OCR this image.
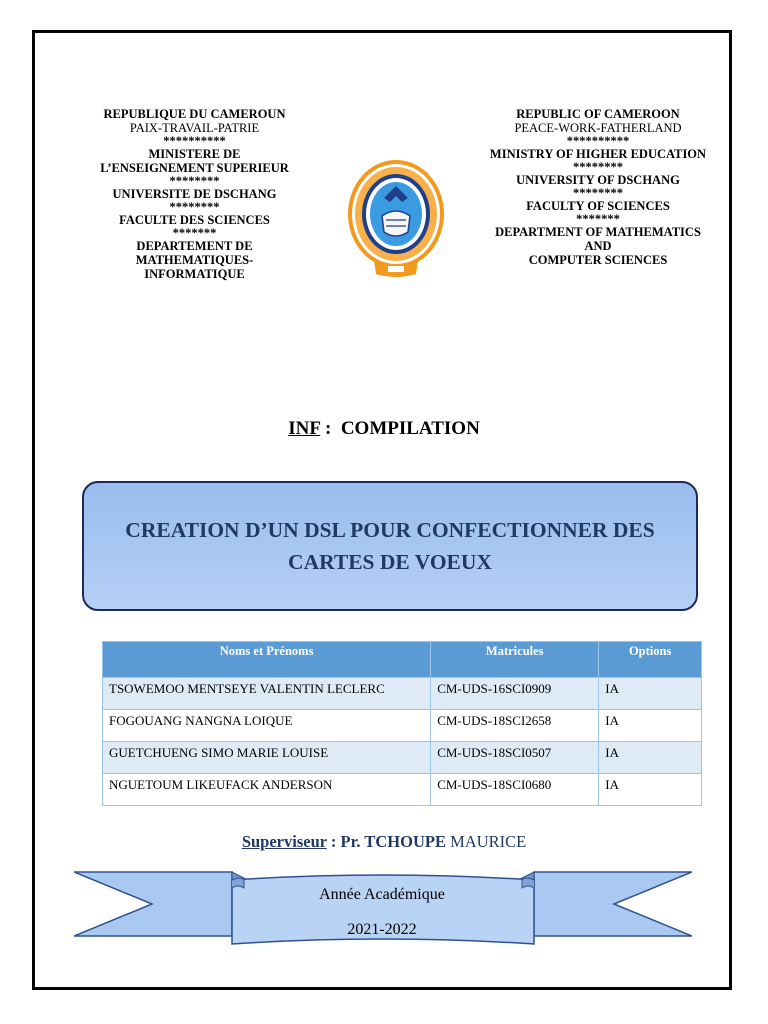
REPUBLIQUE DU CAMEROUN
PAIX-TRAVAIL-PATRIE
**********
MINISTERE DE
L’ENSEIGNEMENT SUPERIEUR
********
UNIVERSITE DE DSCHANG
********
FACULTE DES SCIENCES
*******
DEPARTEMENT DE
MATHEMATIQUES-
INFORMATIQUE
REPUBLIC OF CAMEROON
PEACE-WORK-FATHERLAND
**********
MINISTRY OF HIGHER EDUCATION
********
UNIVERSITY OF DSCHANG
********
FACULTY OF SCIENCES
*******
DEPARTMENT OF MATHEMATICS
AND
COMPUTER SCIENCES
INF :  COMPILATION
CREATION D’UN DSL POUR CONFECTIONNER DES
CARTES DE VOEUX
Noms et Prénoms	Matricules	Options
TSOWEMOO MENTSEYE VALENTIN LECLERC	CM-UDS-16SCI0909	IA
FOGOUANG NANGNA LOIQUE	CM-UDS-18SCI2658	IA
GUETCHUENG SIMO MARIE LOUISE	CM-UDS-18SCI0507	IA
NGUETOUM LIKEUFACK ANDERSON	CM-UDS-18SCI0680	IA
Superviseur : Pr. TCHOUPE MAURICE
Année Académique
2021-2022
